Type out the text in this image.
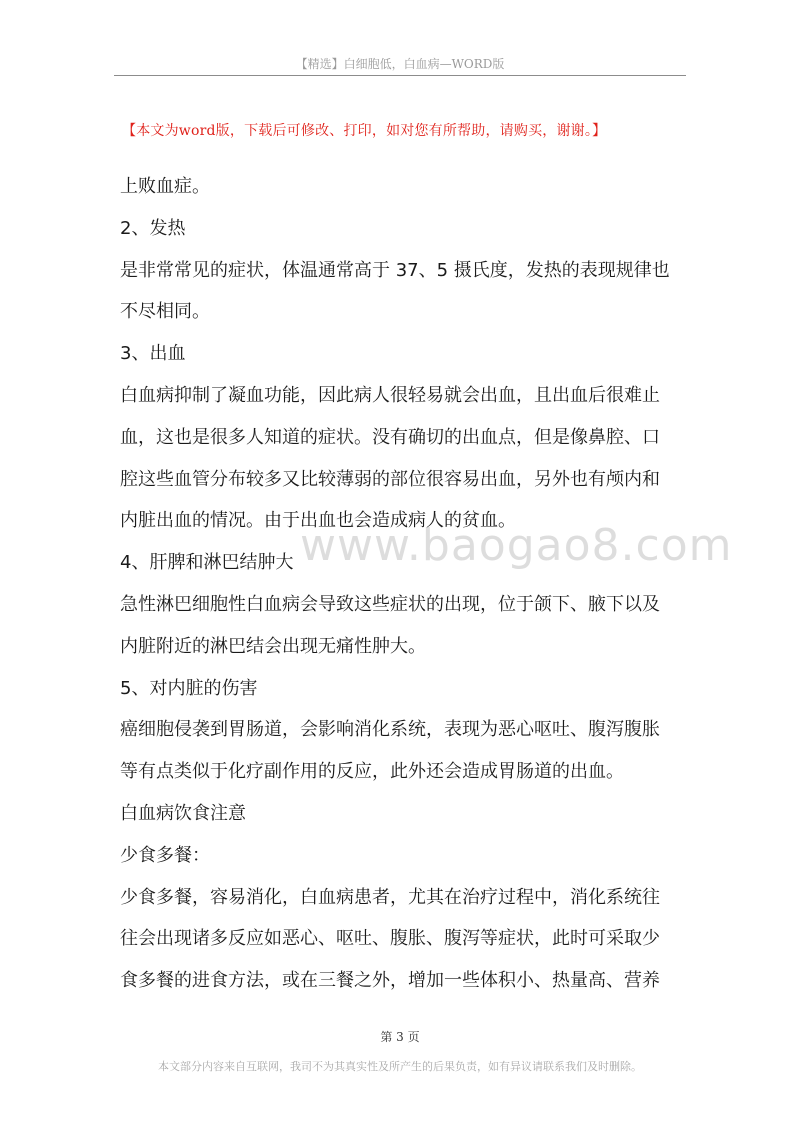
【精选】白细胞低，白血病—WORD版
【本文为word版，下载后可修改、打印，如对您有所帮助，请购买，谢谢。】
www.baogao8.com
上败血症。
2、发热
是非常常见的症状，体温通常高于 37、5 摄氏度，发热的表现规律也
不尽相同。
3、出血
白血病抑制了凝血功能，因此病人很轻易就会出血，且出血后很难止
血，这也是很多人知道的症状。没有确切的出血点，但是像鼻腔、口
腔这些血管分布较多又比较薄弱的部位很容易出血，另外也有颅内和
内脏出血的情况。由于出血也会造成病人的贫血。
4、肝脾和淋巴结肿大
急性淋巴细胞性白血病会导致这些症状的出现，位于颌下、腋下以及
内脏附近的淋巴结会出现无痛性肿大。
5、对内脏的伤害
癌细胞侵袭到胃肠道，会影响消化系统，表现为恶心呕吐、腹泻腹胀
等有点类似于化疗副作用的反应，此外还会造成胃肠道的出血。
白血病饮食注意
少食多餐：
少食多餐，容易消化，白血病患者，尤其在治疗过程中，消化系统往
往会出现诸多反应如恶心、呕吐、腹胀、腹泻等症状，此时可采取少
食多餐的进食方法，或在三餐之外，增加一些体积小、热量高、营养
第 3 页
本文部分内容来自互联网，我司不为其真实性及所产生的后果负责，如有异议请联系我们及时删除。
